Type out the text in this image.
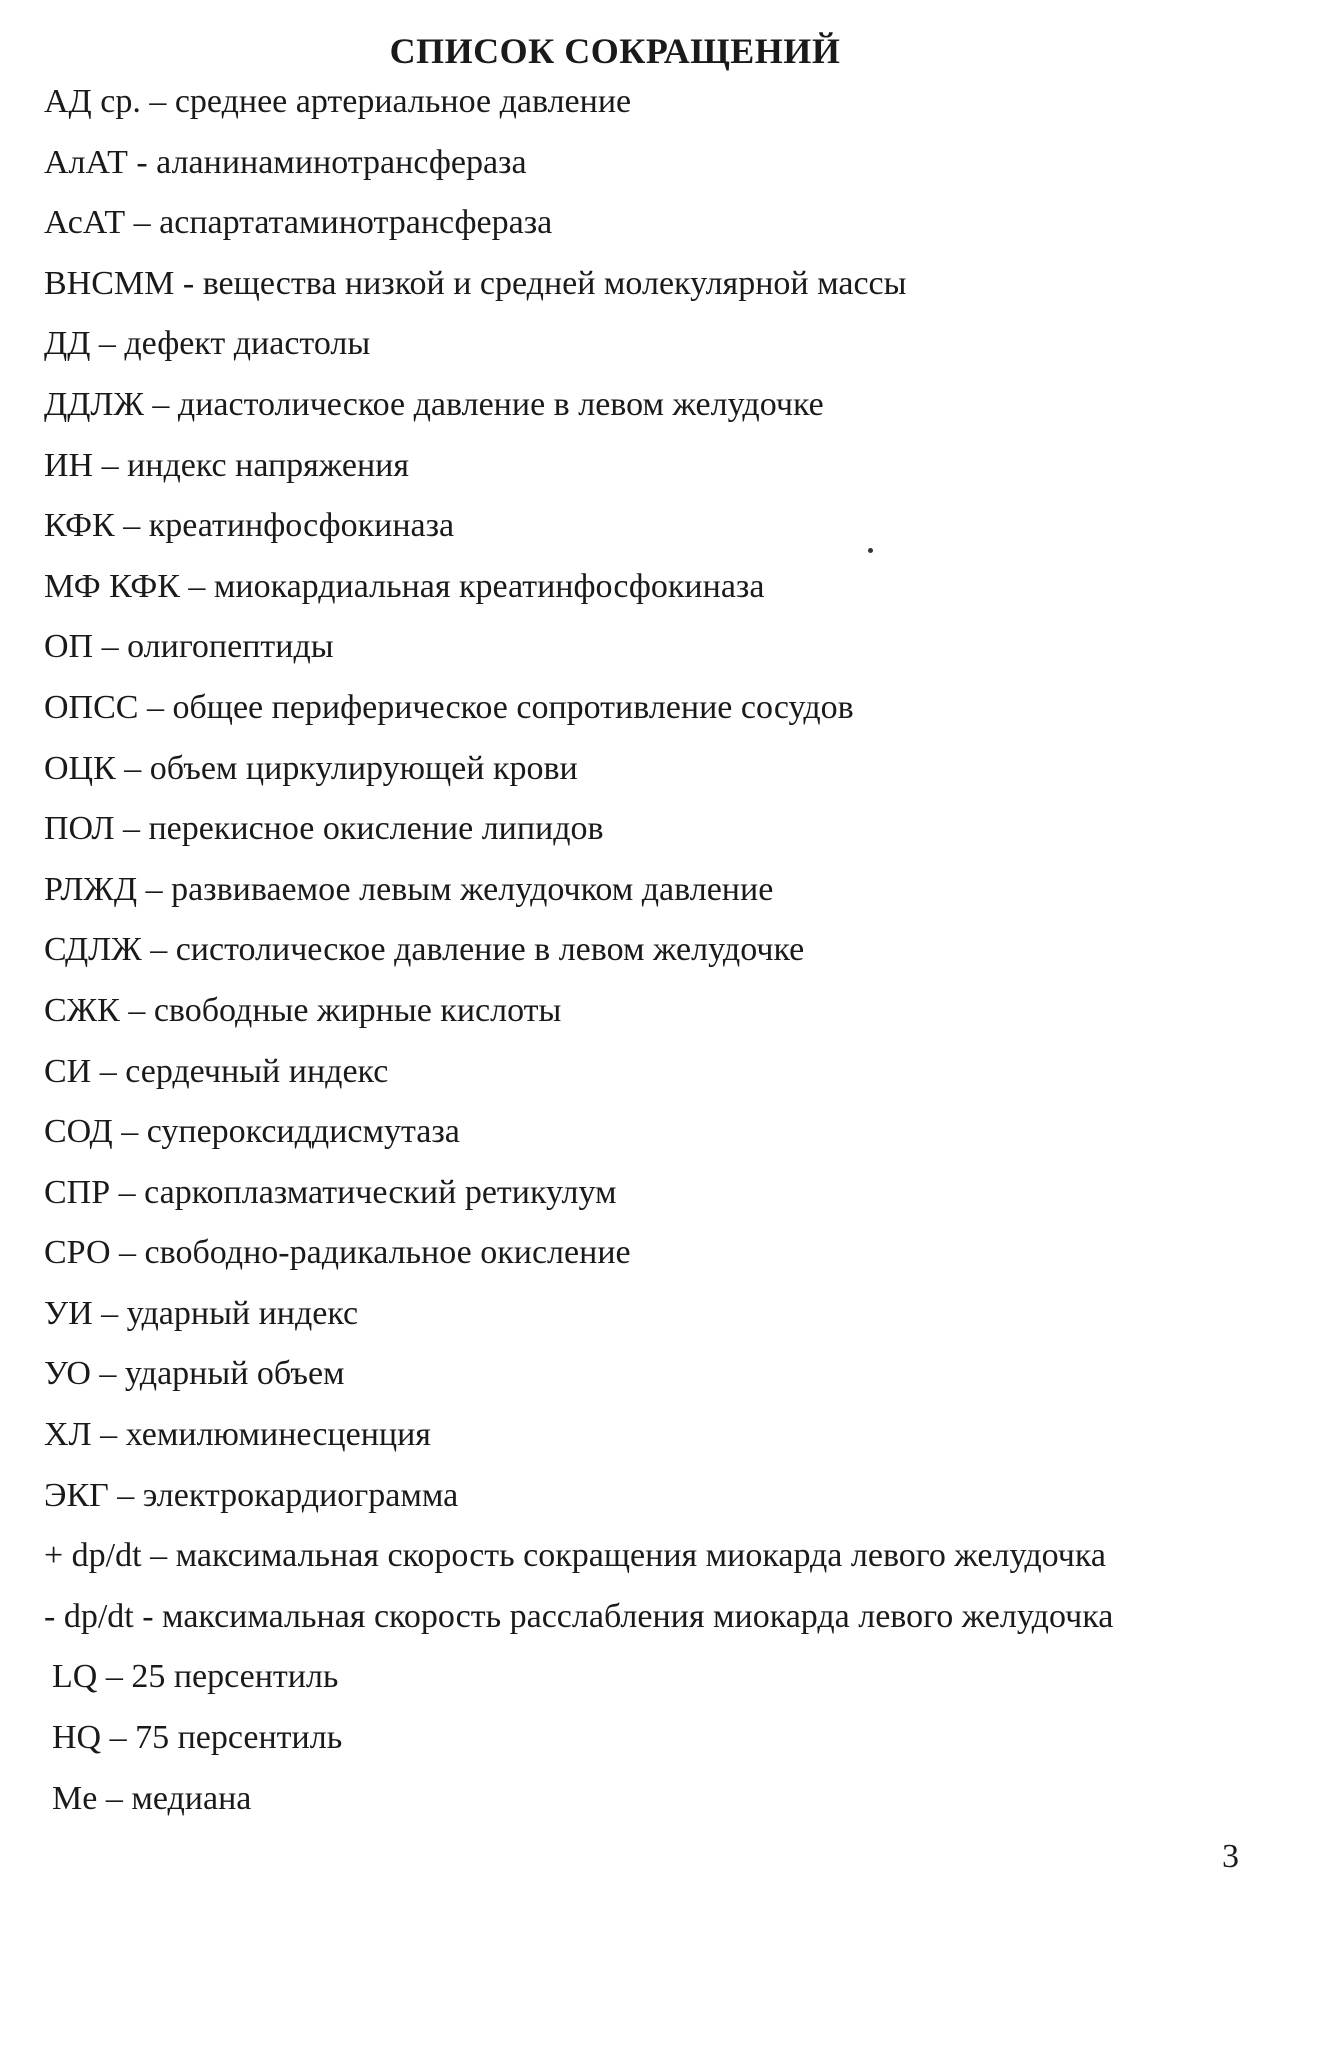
СПИСОК СОКРАЩЕНИЙ
АД ср. – среднее артериальное давление
АлАТ - аланинаминотрансфераза
АсАТ – аспартатаминотрансфераза
ВНСММ - вещества низкой и средней молекулярной массы
ДД – дефект диастолы
ДДЛЖ – диастолическое давление в левом желудочке
ИН – индекс напряжения
КФК – креатинфосфокиназа
МФ КФК – миокардиальная креатинфосфокиназа
ОП – олигопептиды
ОПСС – общее периферическое сопротивление сосудов
ОЦК – объем циркулирующей крови
ПОЛ – перекисное окисление липидов
РЛЖД – развиваемое левым желудочком давление
СДЛЖ – систолическое давление в левом желудочке
СЖК – свободные жирные кислоты
СИ – сердечный индекс
СОД – супероксиддисмутаза
СПР – саркоплазматический ретикулум
СРО – свободно-радикальное окисление
УИ – ударный индекс
УО – ударный объем
ХЛ – хемилюминесценция
ЭКГ – электрокардиограмма
+ dp/dt – максимальная скорость сокращения миокарда левого желудочка
- dp/dt - максимальная скорость расслабления миокарда левого желудочка
LQ – 25 персентиль
HQ – 75 персентиль
Me – медиана
3
